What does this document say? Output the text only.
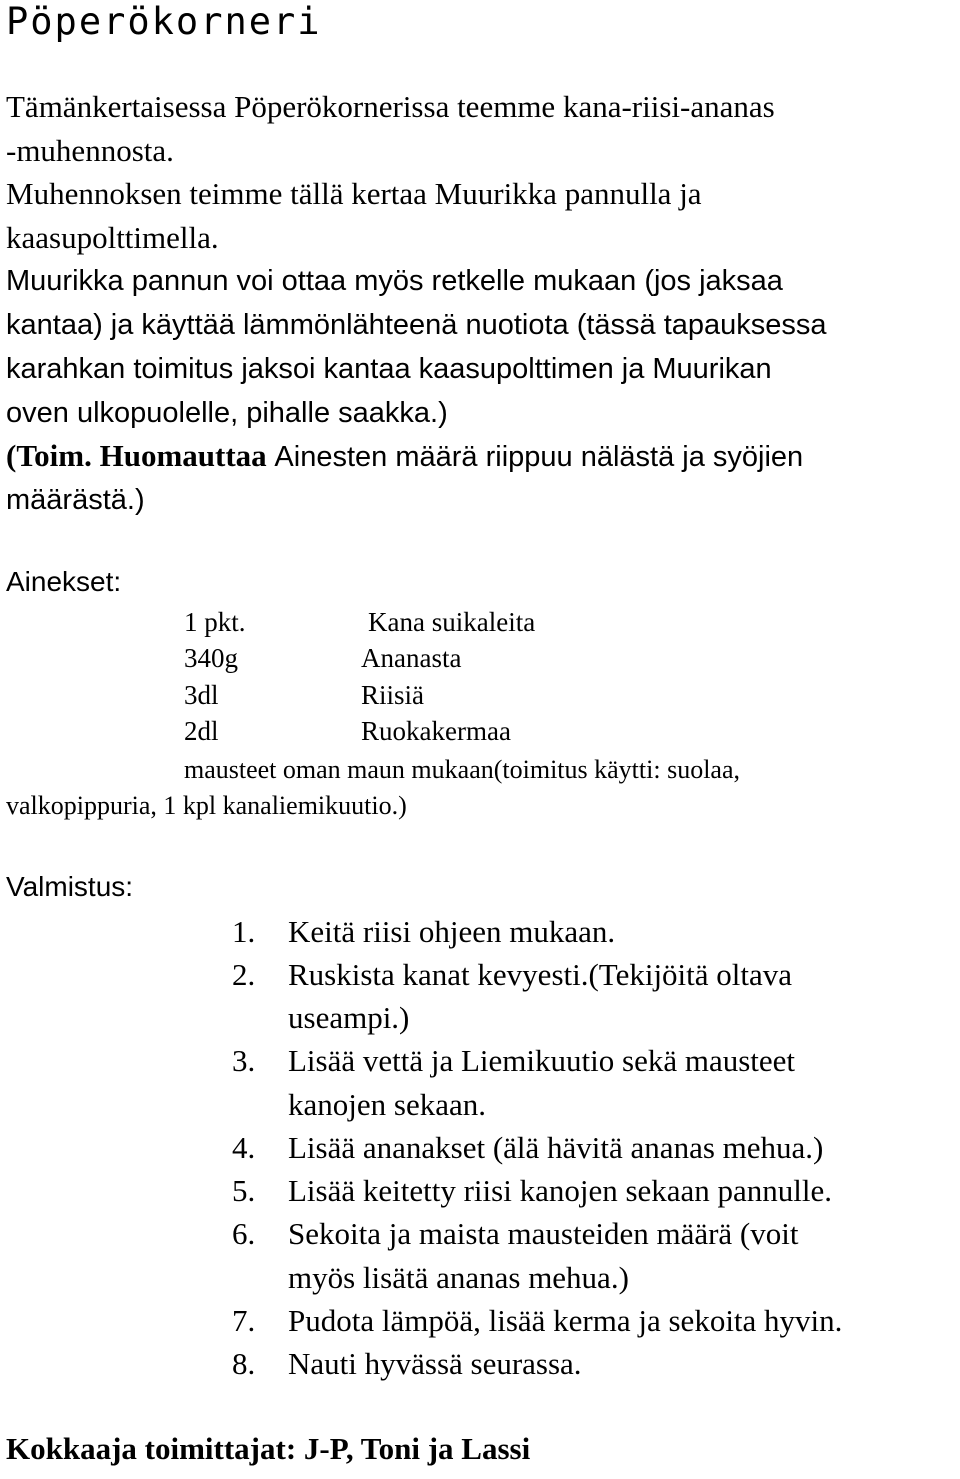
Pöperökorneri
Tämänkertaisessa Pöperökornerissa teemme kana-riisi-ananas
-muhennosta.
Muhennoksen teimme tällä kertaa Muurikka pannulla ja
kaasupolttimella.
Muurikka pannun voi ottaa myös retkelle mukaan (jos jaksaa
kantaa) ja käyttää lämmönlähteenä nuotiota (tässä tapauksessa
karahkan toimitus jaksoi kantaa kaasupolttimen ja Muurikan
oven ulkopuolelle, pihalle saakka.)
(Toim. Huomauttaa Ainesten määrä riippuu nälästä ja syöjien
määrästä.)
Ainekset:
1 pkt.	Kana suikaleita
340g	Ananasta
3dl	Riisiä
2dl	Ruokakermaa
mausteet oman maun mukaan(toimitus käytti: suolaa,
valkopippuria, 1 kpl kanaliemikuutio.)
Valmistus:
1. Keitä riisi ohjeen mukaan.
2. Ruskista kanat kevyesti.(Tekijöitä oltava
useampi.)
3. Lisää vettä ja Liemikuutio sekä mausteet
kanojen sekaan.
4. Lisää ananakset (älä hävitä ananas mehua.)
5. Lisää keitetty riisi kanojen sekaan pannulle.
6. Sekoita ja maista mausteiden määrä (voit
myös lisätä ananas mehua.)
7. Pudota lämpöä, lisää kerma ja sekoita hyvin.
8. Nauti hyvässä seurassa.
Kokkaaja toimittajat: J-P, Toni ja Lassi
